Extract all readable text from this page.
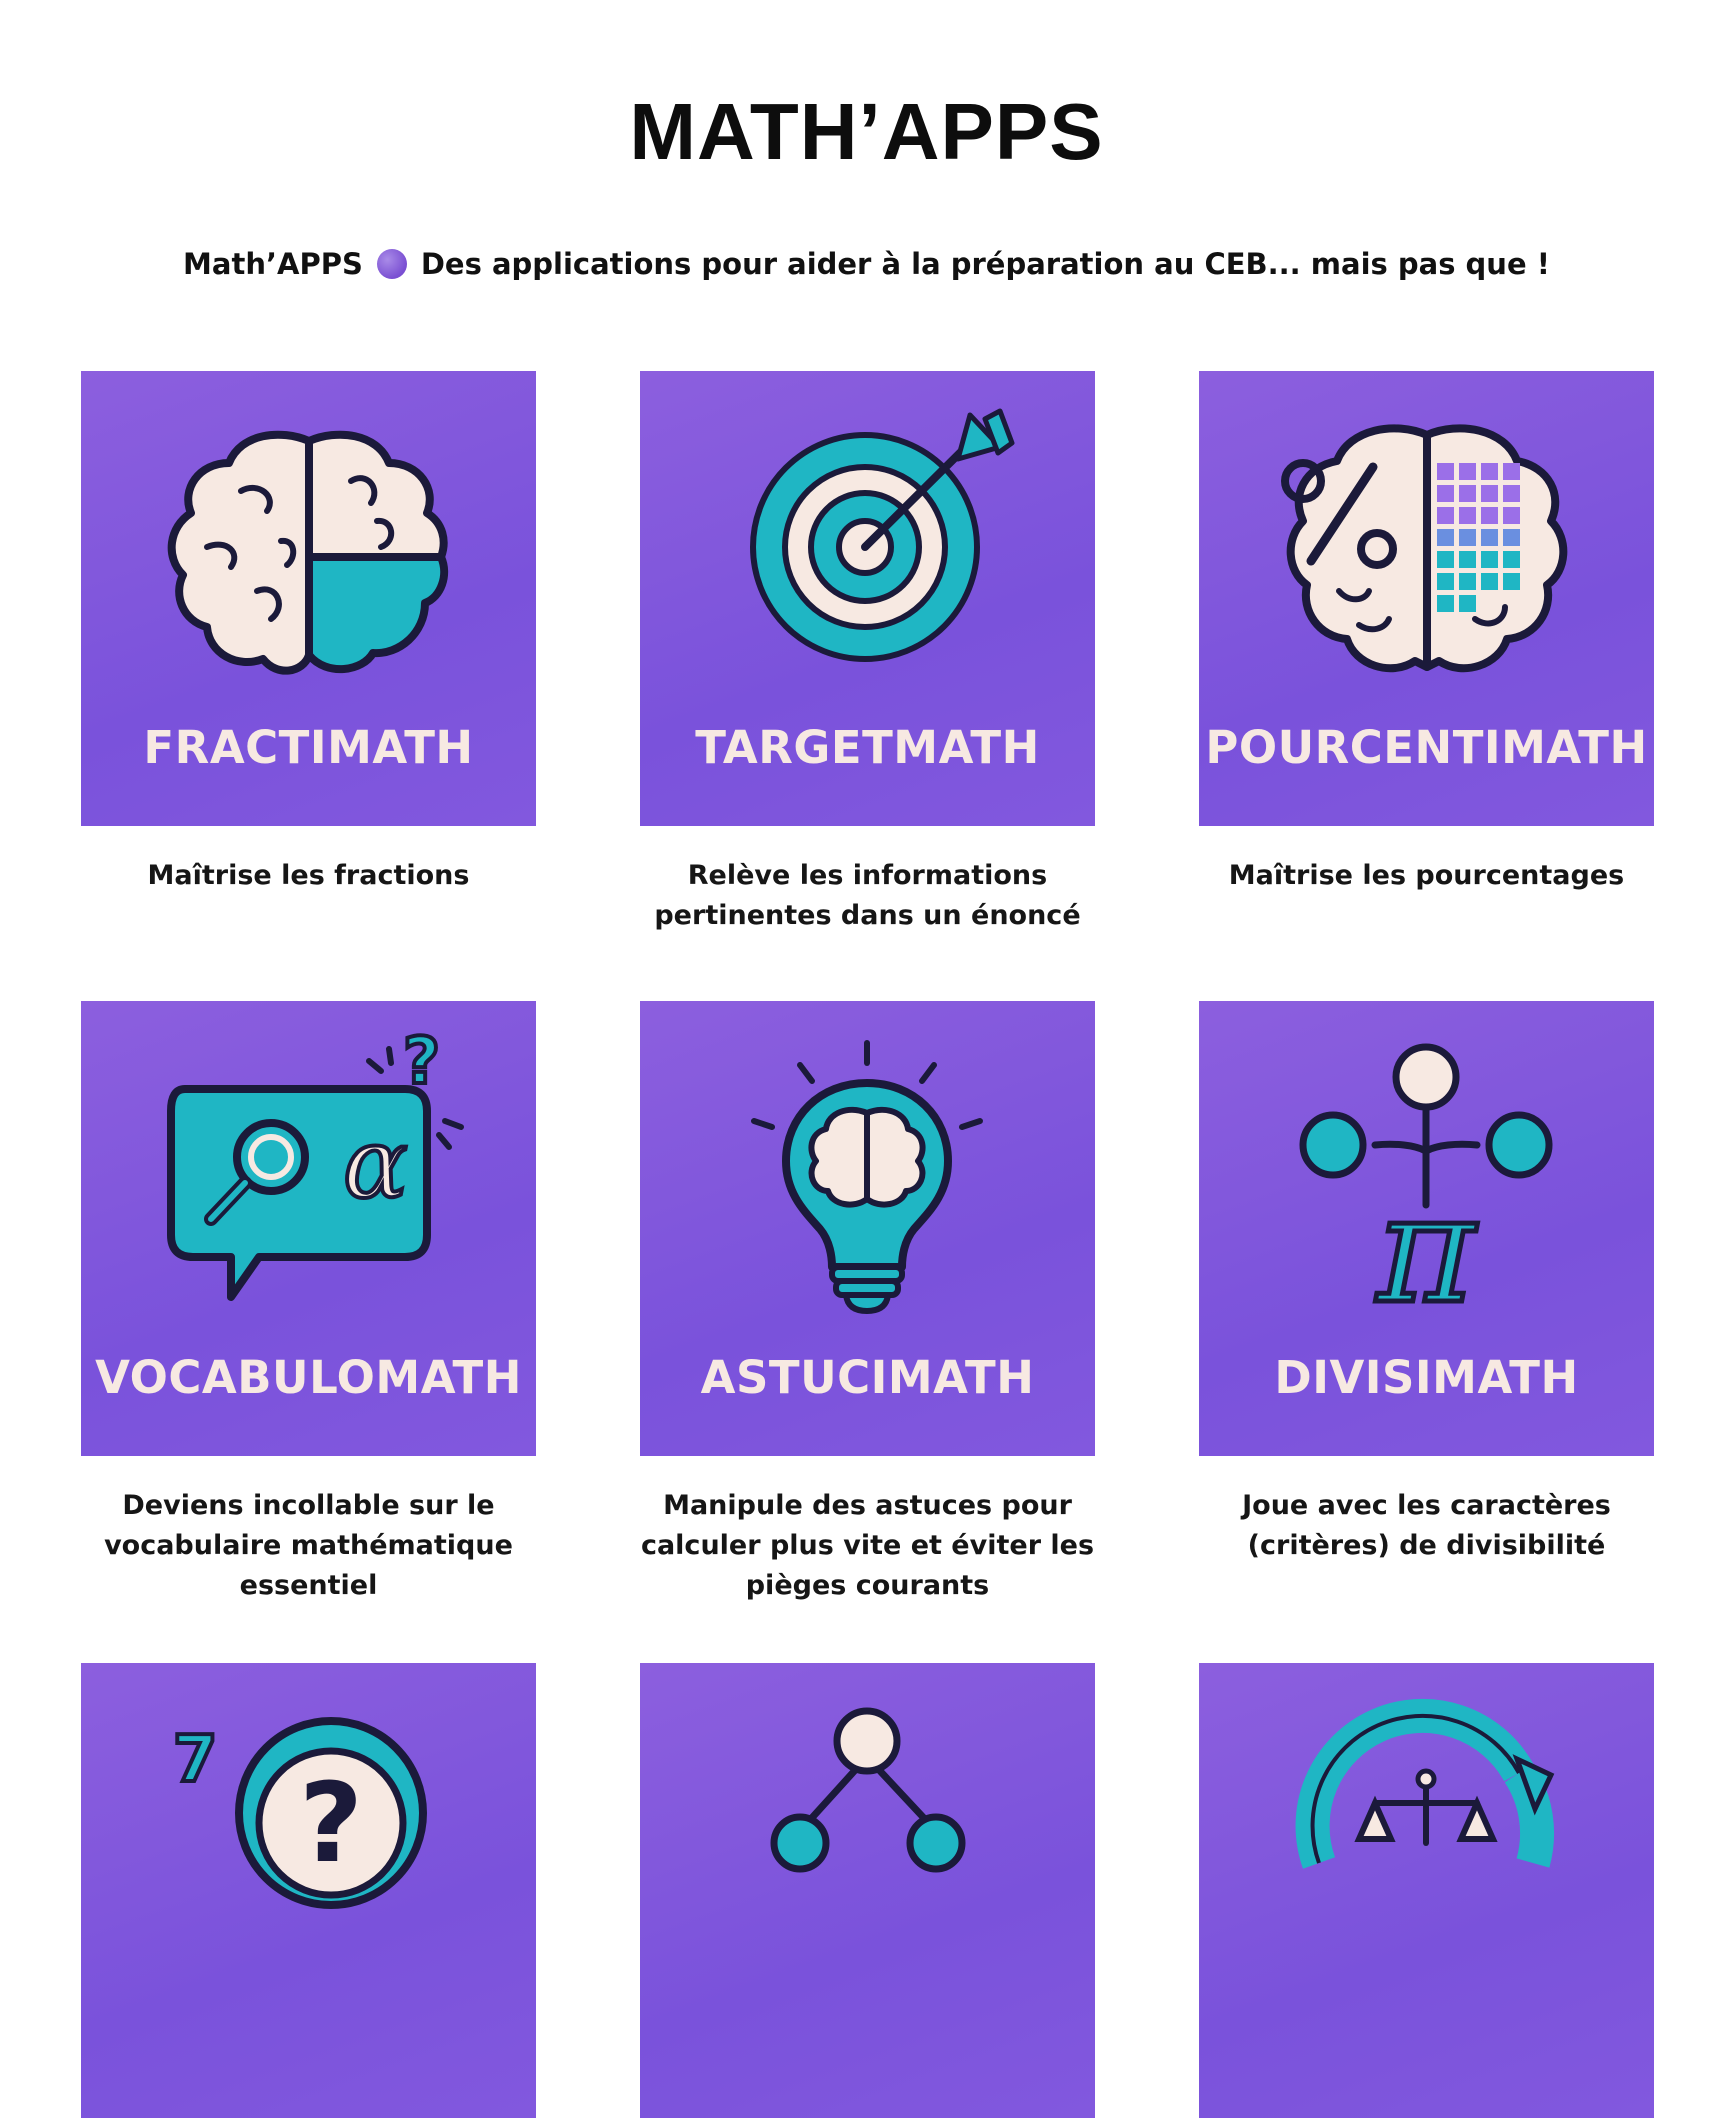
MATH’APPS
Math’APPS Des applications pour aider à la préparation au CEB... mais pas que !
FRACTIMATH
Maîtrise les fractions
TARGETMATH
Relève les informations pertinentes dans un énoncé
POURCENTIMATH
Maîtrise les pourcentages
α
?
VOCABULOMATH
Deviens incollable sur le vocabulaire mathématique essentiel
ASTUCIMATH
Manipule des astuces pour calculer plus vite et éviter les pièges courants
π
DIVISIMATH
Joue avec les caractères (critères) de divisibilité
?
7
